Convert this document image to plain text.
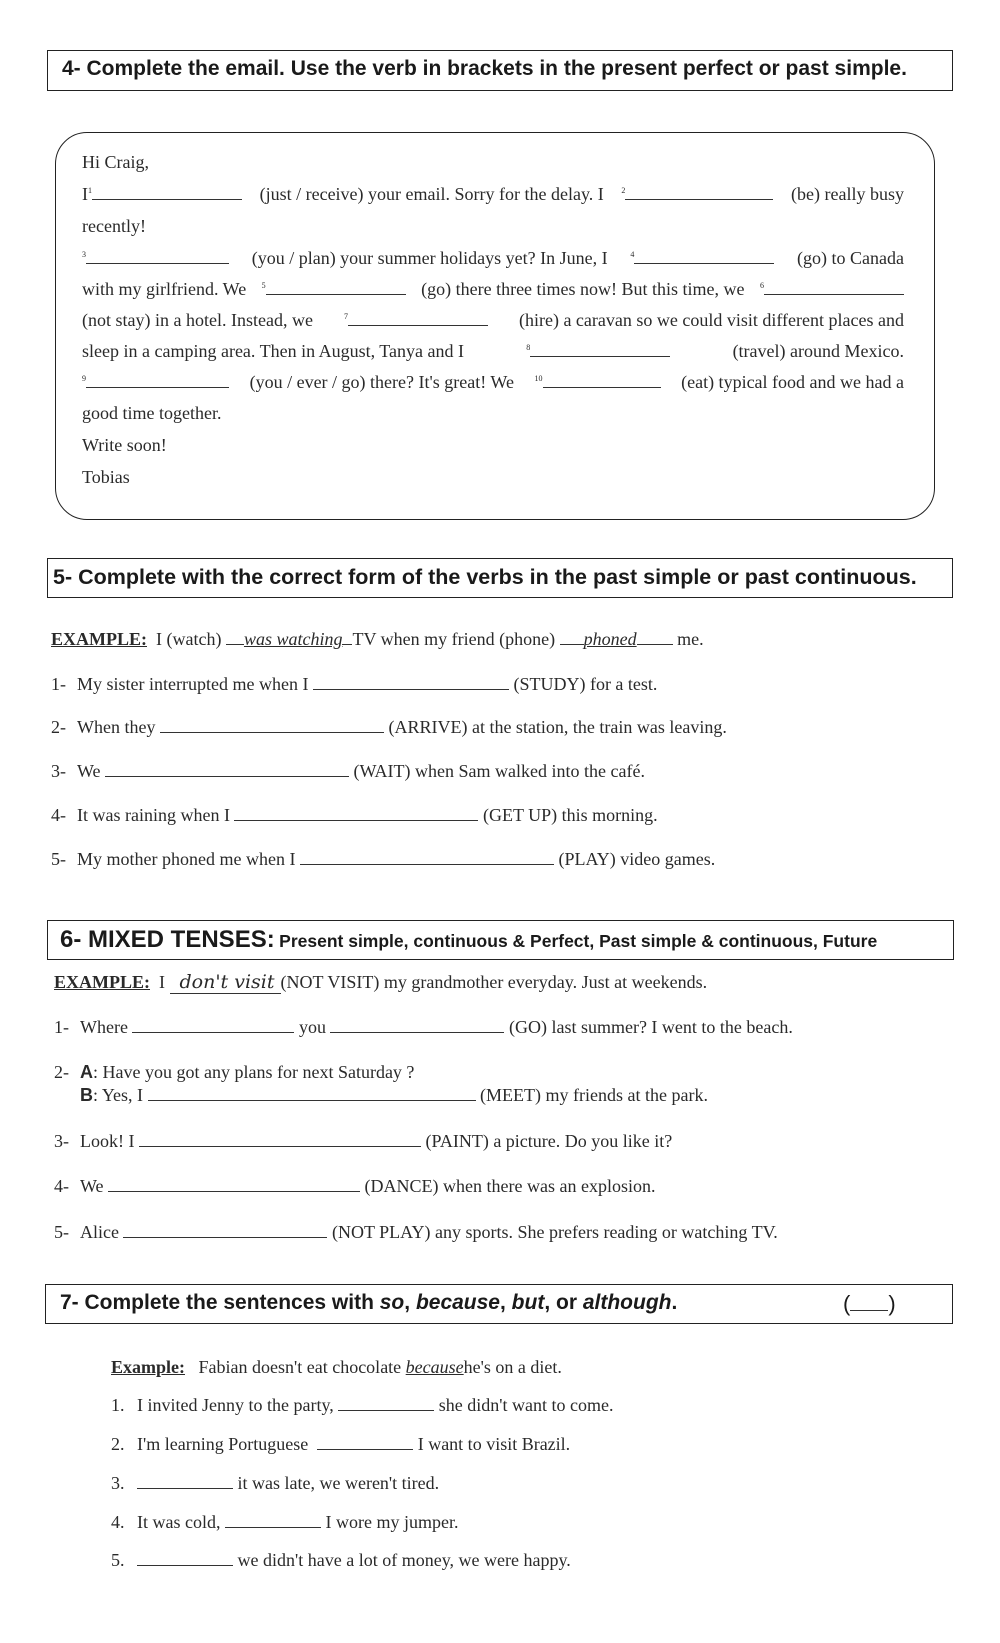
4- Complete the email. Use the verb in brackets in the present perfect or past simple.
Hi Craig,
$I^1$	(just / receive) your email. Sorry for the delay. I $^2$	(be) really busy
recently!
$^3$	(you / plan) your summer holidays yet? In June, I	$^4$	(go) to Canada
with my girlfriend. We $^5$	(go) there three times now! But this time, we $^6$
(not stay) in a hotel. Instead, we	$^7$	(hire) a caravan so we could visit different places and
sleep in a camping area. Then in August, Tanya and I	$^8$	(travel) around Mexico.
$^9$	(you / ever / go) there? It's great! We	$^{10}$	(eat) typical food and we had a
good time together.
Write soon!
Tobias
5- Complete with the correct form of the verbs in the past simple or past continuous.
EXAMPLE: I (watch) was watching TV when my friend (phone) phoned me.
1- My sister interrupted me when I	(STUDY) for a test.
2- When they	(ARRIVE) at the station, the train was leaving.
3- We	(WAIT) when Sam walked into the café.
4- It was raining when I	(GET UP) this morning.
5- My mother phoned me when I	(PLAY) video games.
6- MIXED TENSES: Present simple, continuous & Perfect, Past simple & continuous, Future
EXAMPLE: I don't visit (NOT VISIT) my grandmother everyday. Just at weekends.
1- Where	you	(GO) last summer? I went to the beach.
2- A: Have you got any plans for next Saturday ?
B: Yes, I	(MEET) my friends at the park.
3- Look! I	(PAINT) a picture. Do you like it?
4- We	(DANCE) when there was an explosion.
5- Alice	(NOT PLAY) any sports. She prefers reading or watching TV.
7- Complete the sentences with so, because, but, or although.	( )
Example: Fabian doesn't eat chocolate becausehe's on a diet.
1. I invited Jenny to the party,	she didn't want to come.
2. I'm learning Portuguese	I want to visit Brazil.
3.	it was late, we weren't tired.
4. It was cold,	I wore my jumper.
5.	we didn't have a lot of money, we were happy.
